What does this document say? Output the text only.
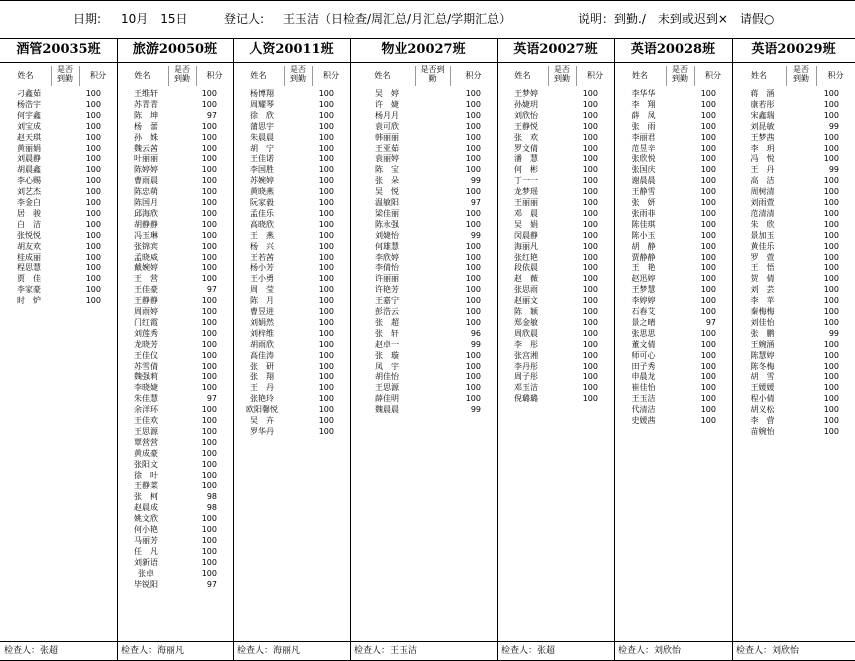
日期: 10月　15日	登记人: 王玉洁（日检查/周汇总/月汇总/学期汇总）	说明：到勤./　未到或迟到×　请假○
酒管20035班
姓名
是否到勤	积分
刁鑫茹	100
杨浩宇	100
何宇鑫	100
刘宝成	100
赵天琪	100
黄丽娟	100
刘晨静	100
胡晨鑫	100
李心赐	100
刘艺杰	100
李金白	100
居　骏	100
白　洁	100
张悦悦	100
胡友欢	100
桂成丽	100
程思慧	100
贾　佳	100
李家豪	100
时　炉	100
检查人：张超
旅游20050班
姓名
是否到勤	积分
王维轩	100
苏青青	100
陈　坤	97
杨　蕾	100
孙　姝	100
魏云茜	100
叶丽丽	100
陈婷婷	100
曹雨晨	100
陈忠萌	100
陈国月	100
邱海欣	100
胡静静	100
冯玉琳	100
张锦宾	100
孟晓威	100
戴婉婷	100
王　营	100
王佳豪	97
王静静	100
周雨婷	100
门红霞	100
刘莲秀	100
龙晓芳	100
王佳仪	100
苏雪倩	100
魏强莉	100
李晓婕	100
朱佳慧	97
余洋环	100
王佳欢	100
王思源	100
覃营营	100
黄成豪	100
张阳文	100
徐　叶	100
王静菜	100
张　柯	98
赵晨成	98
姚文欣	100
何小艳	100
马丽芳	100
任　凡	100
刘新语	100
张卓	100
毕锐阳	97
检查人：海丽凡
人资20011班
姓名
是否到勤	积分
杨博翔	100
周耀琴	100
徐　欣	100
蒲思宇	100
朱晨晨	100
胡　宁	100
王佳诺	100
李国胜	100
苏婉婷	100
黄晓燕	100
阮家毅	100
孟佳乐	100
高晓欣	100
王　燕	100
杨　兴	100
王若茜	100
杨小芳	100
王小勇	100
周　莹	100
陈　月	100
曹昱进	100
刘娟然	100
刘梓维	100
胡雨欣	100
高佳涛	100
张　研	100
张　翔	100
王　丹	100
张艳玲	100
欧阳馨悦	100
吴　卉	100
罗华丹	100
检查人：海丽凡
物业20027班
姓名
是否到勤	积分
吴　婷	100
许　婕	100
杨月月	100
袁可欣	100
韩丽丽	100
王亚茹	100
袁丽婷	100
陈　宝	100
张　朵	99
吴　悦	100
温敏阳	97
梁佳丽	100
陈永强	100
刘婕怡	99
何雄慧	100
李欣婷	100
李倩怡	100
许丽丽	100
许艳芳	100
王嘉宁	100
彭浩云	100
张　超	100
张　轩	96
赵卓一	99
张　璇	100
凤　宇	100
胡佳怡	100
王思源	100
薛佳明	100
魏晨晨	99
检查人：王玉洁
英语20027班
姓名
是否到勤	积分
王梦婷	100
孙婕玥	100
刘欣怡	100
王静悦	100
张　欢	100
罗文倩	100
潘　慧	100
何　彬	100
丁一一	100
龙梦瑶	100
王丽丽	100
邓　晨	100
吴　娟	100
闵晨静	100
海丽凡	100
张红艳	100
段依晨	100
赵　薇	100
张思雨	100
赵丽文	100
陈　颖	100
郑金敏	100
周欣晨	100
李　彤	100
张宫湘	100
李丹彤	100
周子彤	100
邓玉洁	100
倪璐璐	100
检查人：张超
英语20028班
姓名
是否到勤	积分
李华华	100
李　翔	100
薛　凤	100
张　雨	100
李丽君	100
范昱辛	100
张欣悦	100
张国庆	100
谢晨晨	100
王静雪	100
张　妍	100
张雨菲	100
陈佳琪	100
陈小玉	100
胡　静	100
贾静静	100
王　艳	100
赵迅婷	100
王梦慧	100
李婷婷	100
石春艾	100
景之晴	97
张思思	100
董文倩	100
师可心	100
田子秀	100
申晨龙	100
崔佳怡	100
王玉洁	100
代清洁	100
史媛茜	100
检查人：刘欣怡
英语20029班
姓名
是否到勤	积分
蒋　涵	100
康若彤	100
宋鑫瑞	100
刘昆敏	99
王梦茜	100
李　玥	100
冯　悦	100
王　丹	99
高　洁	100
周树清	100
刘雨萱	100
范清清	100
朱　欣	100
景加玉	100
黄佳乐	100
罗　萱	100
王　悟	100
贺　倩	100
刘　芸	100
李　苹	100
秦梅梅	100
刘佳怡	100
张　鹏	99
王婉涵	100
陈慧婷	100
陈冬梅	100
胡　雪	100
王媛媛	100
程小倩	100
胡义松	100
李　营	100
苗婉怡	100
检查人：刘欣怡
